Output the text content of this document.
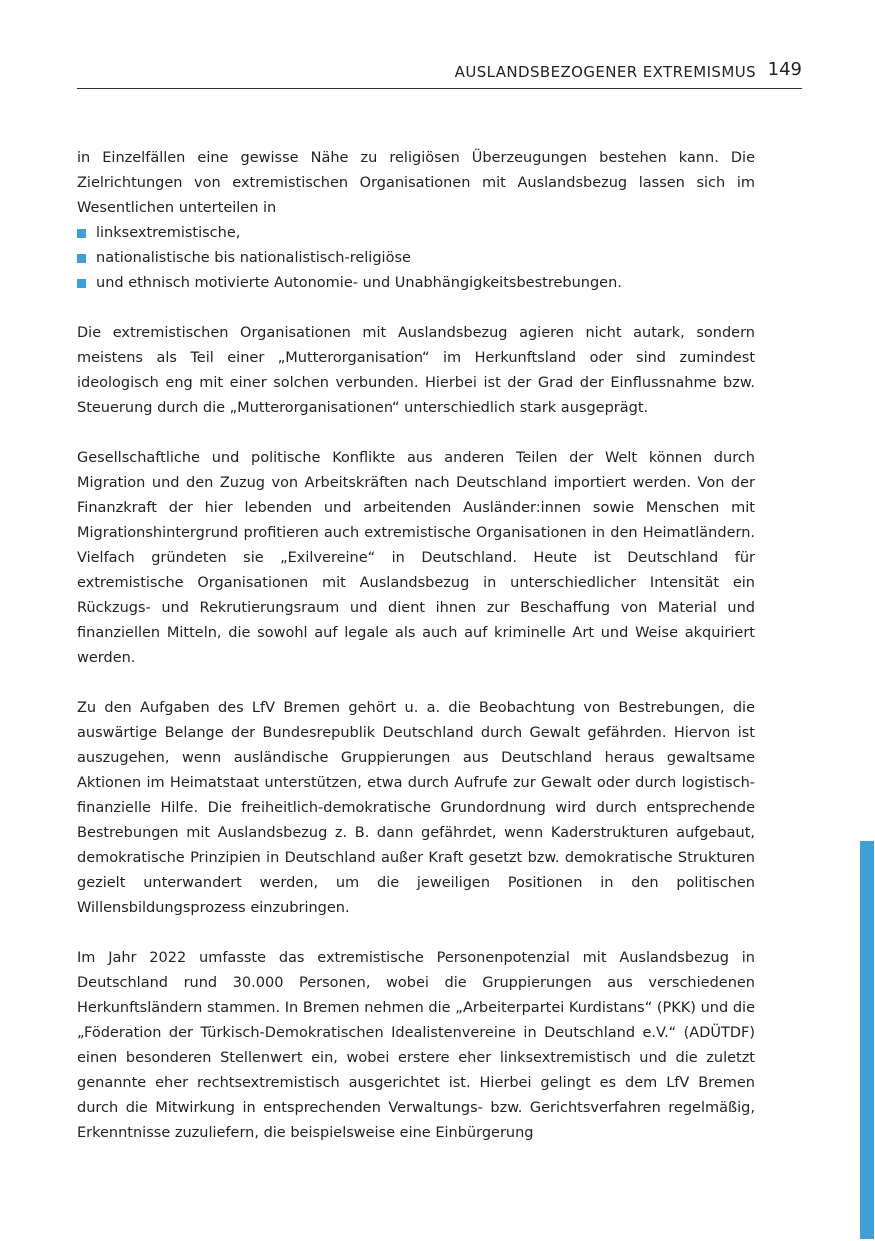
AUSLANDSBEZOGENER EXTREMISMUS 149

in Einzelfällen eine gewisse Nähe zu religiösen Überzeugungen bestehen kann. Die Zielrichtungen von extremistischen Organisationen mit Auslandsbezug lassen sich im Wesentlichen unterteilen in

linksextremistische,
nationalistische bis nationalistisch-religiöse
und ethnisch motivierte Autonomie- und Unabhängigkeitsbestrebungen.

Die extremistischen Organisationen mit Auslandsbezug agieren nicht autark, sondern meistens als Teil einer „Mutterorganisation“ im Herkunftsland oder sind zumindest ideologisch eng mit einer solchen verbunden. Hierbei ist der Grad der Einflussnahme bzw. Steuerung durch die „Mutterorganisationen“ unterschiedlich stark ausgeprägt.

Gesellschaftliche und politische Konflikte aus anderen Teilen der Welt können durch Migration und den Zuzug von Arbeitskräften nach Deutschland importiert werden. Von der Finanzkraft der hier lebenden und arbeitenden Ausländer:innen sowie Menschen mit Migrationshintergrund profitieren auch extremistische Organisationen in den Heimatländern. Vielfach gründeten sie „Exilvereine“ in Deutschland. Heute ist Deutschland für extremistische Organisationen mit Auslandsbezug in unterschiedlicher Intensität ein Rückzugs- und Rekrutierungsraum und dient ihnen zur Beschaffung von Material und finanziellen Mitteln, die sowohl auf legale als auch auf kriminelle Art und Weise akquiriert werden.

Zu den Aufgaben des LfV Bremen gehört u. a. die Beobachtung von Bestrebungen, die auswärtige Belange der Bundesrepublik Deutschland durch Gewalt gefährden. Hiervon ist auszugehen, wenn ausländische Gruppierungen aus Deutschland heraus gewaltsame Aktionen im Heimatstaat unterstützen, etwa durch Aufrufe zur Gewalt oder durch logistisch-finanzielle Hilfe. Die freiheitlich-demokratische Grundordnung wird durch entsprechende Bestrebungen mit Auslandsbezug z. B. dann gefährdet, wenn Kaderstrukturen aufgebaut, demokratische Prinzipien in Deutschland außer Kraft gesetzt bzw. demokratische Strukturen gezielt unterwandert werden, um die jeweiligen Positionen in den politischen Willensbildungsprozess einzubringen.

Im Jahr 2022 umfasste das extremistische Personenpotenzial mit Auslandsbezug in Deutschland rund 30.000 Personen, wobei die Gruppierungen aus verschiedenen Herkunftsländern stammen. In Bremen nehmen die „Arbeiterpartei Kurdistans“ (PKK) und die „Föderation der Türkisch-Demokratischen Idealistenvereine in Deutschland e.V.“ (ADÜTDF) einen besonderen Stellenwert ein, wobei erstere eher linksextremistisch und die zuletzt genannte eher rechtsextremistisch ausgerichtet ist. Hierbei gelingt es dem LfV Bremen durch die Mitwirkung in entsprechenden Verwaltungs- bzw. Gerichtsverfahren regelmäßig, Erkenntnisse zuzuliefern, die beispielsweise eine Einbürgerung
